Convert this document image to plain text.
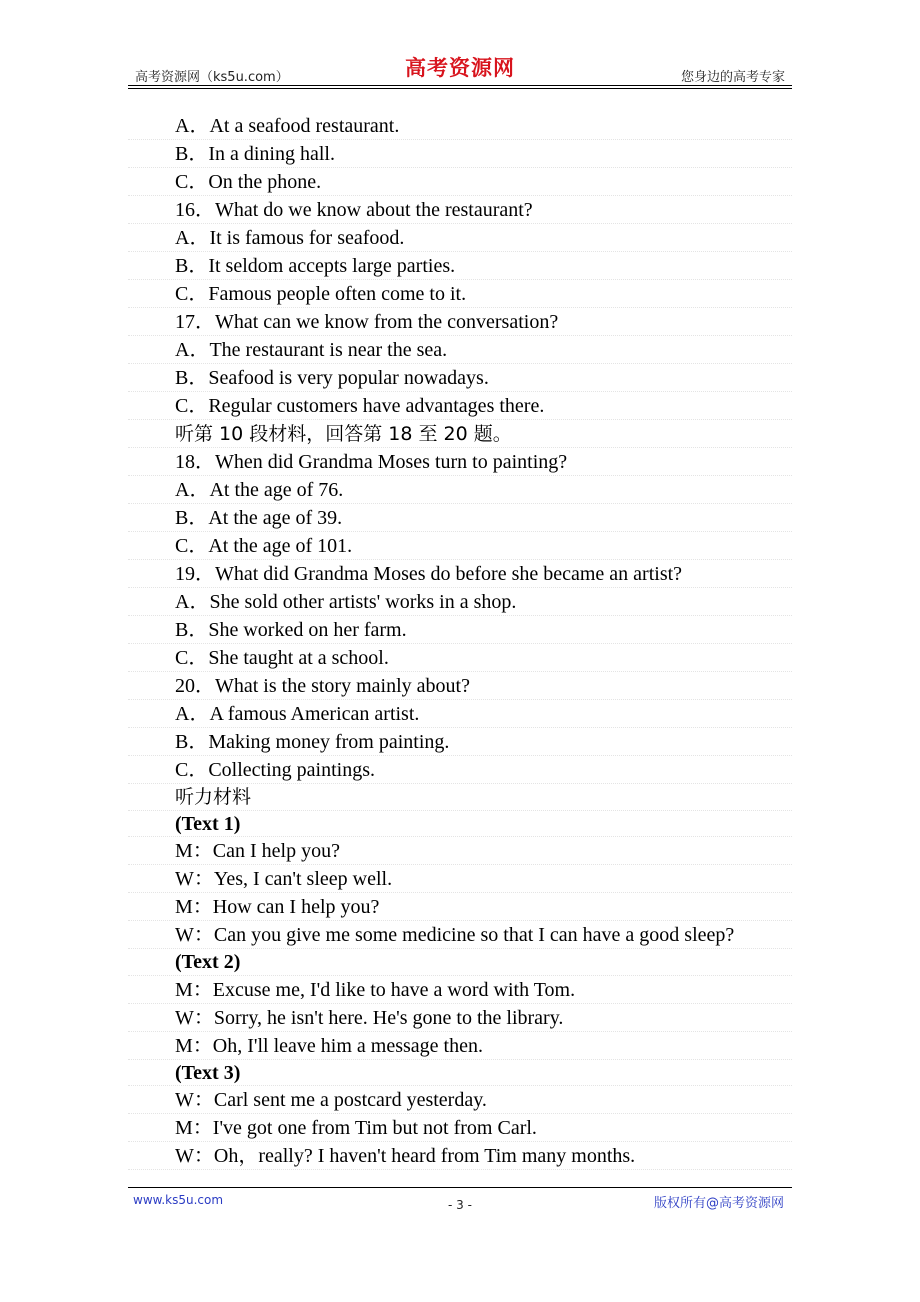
高考资源网（ks5u.com）	高考资源网	您身边的高考专家
A．At a seafood restaurant.
B．In a dining hall.
C．On the phone.
16．What do we know about the restaurant?
A．It is famous for seafood.
B．It seldom accepts large parties.
C．Famous people often come to it.
17．What can we know from the conversation?
A．The restaurant is near the sea.
B．Seafood is very popular nowadays.
C．Regular customers have advantages there.
听第 10 段材料，回答第 18 至 20 题。
18．When did Grandma Moses turn to painting?
A．At the age of 76.
B．At the age of 39.
C．At the age of 101.
19．What did Grandma Moses do before she became an artist?
A．She sold other artists' works in a shop.
B．She worked on her farm.
C．She taught at a school.
20．What is the story mainly about?
A．A famous American artist.
B．Making money from painting.
C．Collecting paintings.
听力材料
(Text 1)
M：Can I help you?
W：Yes, I can't sleep well.
M：How can I help you?
W：Can you give me some medicine so that I can have a good sleep?
(Text 2)
M：Excuse me, I'd like to have a word with Tom.
W：Sorry, he isn't here. He's gone to the library.
M：Oh, I'll leave him a message then.
(Text 3)
W：Carl sent me a postcard yesterday.
M：I've got one from Tim but not from Carl.
W：Oh，really? I haven't heard from Tim many months.
www.ks5u.com	- 3 -	版权所有@高考资源网
